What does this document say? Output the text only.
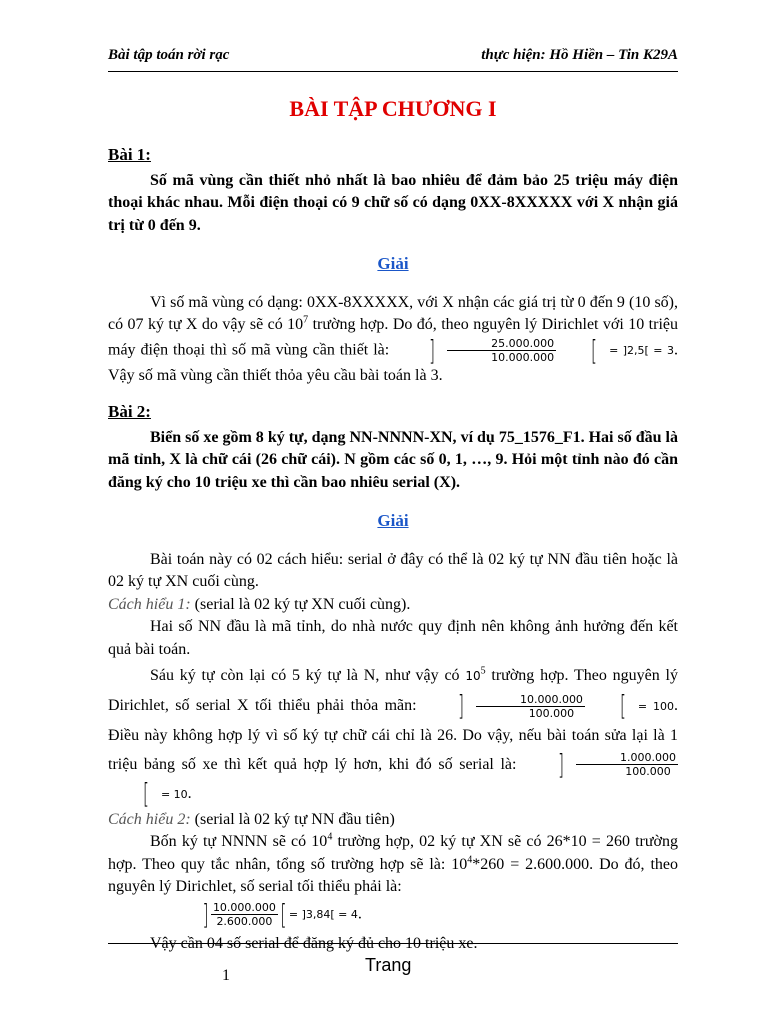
Bài tập toán rời rạc	thực hiện: Hồ Hiền – Tin K29A
BÀI TẬP CHƯƠNG I

Bài 1:

Số mã vùng cần thiết nhỏ nhất là bao nhiêu để đảm bảo 25 triệu máy điện thoại khác nhau. Mỗi điện thoại có 9 chữ số có dạng 0XX-8XXXXX với X nhận giá trị từ 0 đến 9.

Giải

Vì số mã vùng có dạng: 0XX-8XXXXX, với X nhận các giá trị từ 0 đến 9 (10 số), có 07 ký tự X do vậy sẽ có $10^7$ trường hợp. Do đó, theo nguyên lý Dirichlet với 10 triệu máy điện thoại thì số mã vùng cần thiết là: ] $\frac{25.000.000}{10.000.000}$ [ = ]2,5[ = 3. Vậy số mã vùng cần thiết thỏa yêu cầu bài toán là 3.

Bài 2:

Biển số xe gồm 8 ký tự, dạng NN-NNNN-XN, ví dụ 75_1576_F1. Hai số đầu là mã tỉnh, X là chữ cái (26 chữ cái). N gồm các số 0, 1, …, 9. Hỏi một tỉnh nào đó cần đăng ký cho 10 triệu xe thì cần bao nhiêu serial (X).

Giải

Bài toán này có 02 cách hiểu: serial ở đây có thể là 02 ký tự NN đầu tiên hoặc là 02 ký tự XN cuối cùng.

Cách hiểu 1: (serial là 02 ký tự XN cuối cùng).

Hai số NN đầu là mã tỉnh, do nhà nước quy định nên không ảnh hưởng đến kết quả bài toán.

Sáu ký tự còn lại có 5 ký tự là N, như vậy có $10^5$ trường hợp. Theo nguyên lý Dirichlet, số serial X tối thiểu phải thỏa mãn: ] $\frac{10.000.000}{100.000}$ [ = 100. Điều này không hợp lý vì số ký tự chữ cái chỉ là 26. Do vậy, nếu bài toán sửa lại là 1 triệu bảng số xe thì kết quả hợp lý hơn, khi đó số serial là: ] $\frac{1.000.000}{100.000}$
[ = 10.

Cách hiểu 2: (serial là 02 ký tự NN đầu tiên)

Bốn ký tự NNNN sẽ có $10^4$ trường hợp, 02 ký tự XN sẽ có 26*10 = 260 trường hợp. Theo quy tắc nhân, tổng số trường hợp sẽ là: $10^4*260 = 2.600.000$. Do đó, theo nguyên lý Dirichlet, số serial tối thiểu phải là:

] $\frac{10.000.000}{2.600.000}$ [ = ]3,84[ = 4.

Vậy cần 04 số serial để đăng ký đủ cho 10 triệu xe.

Trang
1
